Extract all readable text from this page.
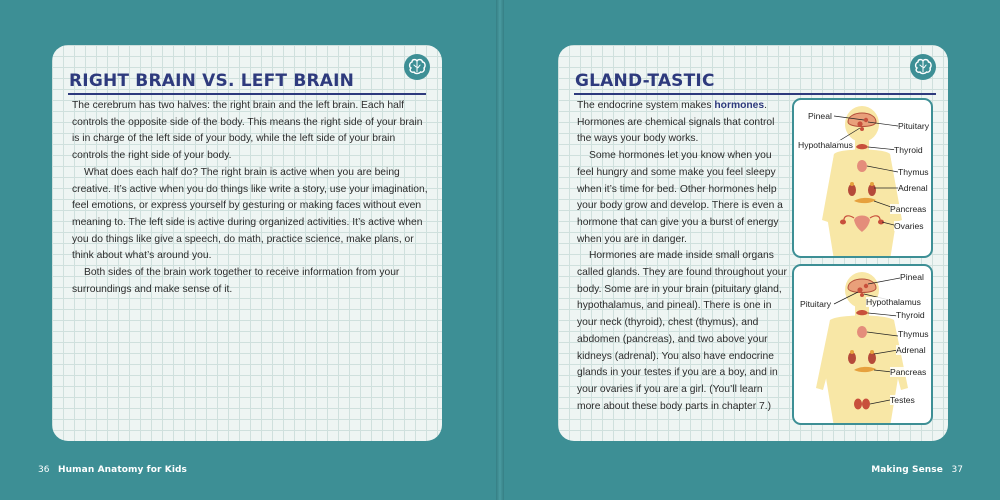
RIGHT BRAIN VS. LEFT BRAIN

The cerebrum has two halves: the right brain and the left brain. Each half controls the opposite side of the body. This means the right side of your brain is in charge of the left side of your body, while the left side of your brain controls the right side of your body.

What does each half do? The right brain is active when you are being creative. It’s active when you do things like write a story, use your imagination, feel emotions, or express yourself by gesturing or making faces without even meaning to. The left side is active during organized activities. It’s active when you do things like give a speech, do math, practice science, make plans, or think about what’s around you.

Both sides of the brain work together to receive information from your surroundings and make sense of it.

GLAND-TASTIC

The endocrine system makes hormones. Hormones are chemical signals that control the ways your body works.

Some hormones let you know when you feel hungry and some make you feel sleepy when it’s time for bed. Other hormones help your body grow and develop. There is even a hormone that can give you a burst of energy when you are in danger.

Hormones are made inside small organs called glands. They are found throughout your body. Some are in your brain (pituitary gland, hypothalamus, and pineal). There is one in your neck (thyroid), chest (thymus), and abdomen (pancreas), and two above your kidneys (adrenal). You also have endocrine glands in your testes if you are a boy, and in your ovaries if you are a girl. (You’ll learn more about these body parts in chapter 7.)

Pineal
Pituitary
Hypothalamus	Thyroid
Thymus
Adrenal
Pancreas
Ovaries
Pineal
Pituitary	Hypothalamus
Thyroid
Thymus
Adrenal
Pancreas
Testes
36 Human Anatomy for Kids	Making Sense 37
